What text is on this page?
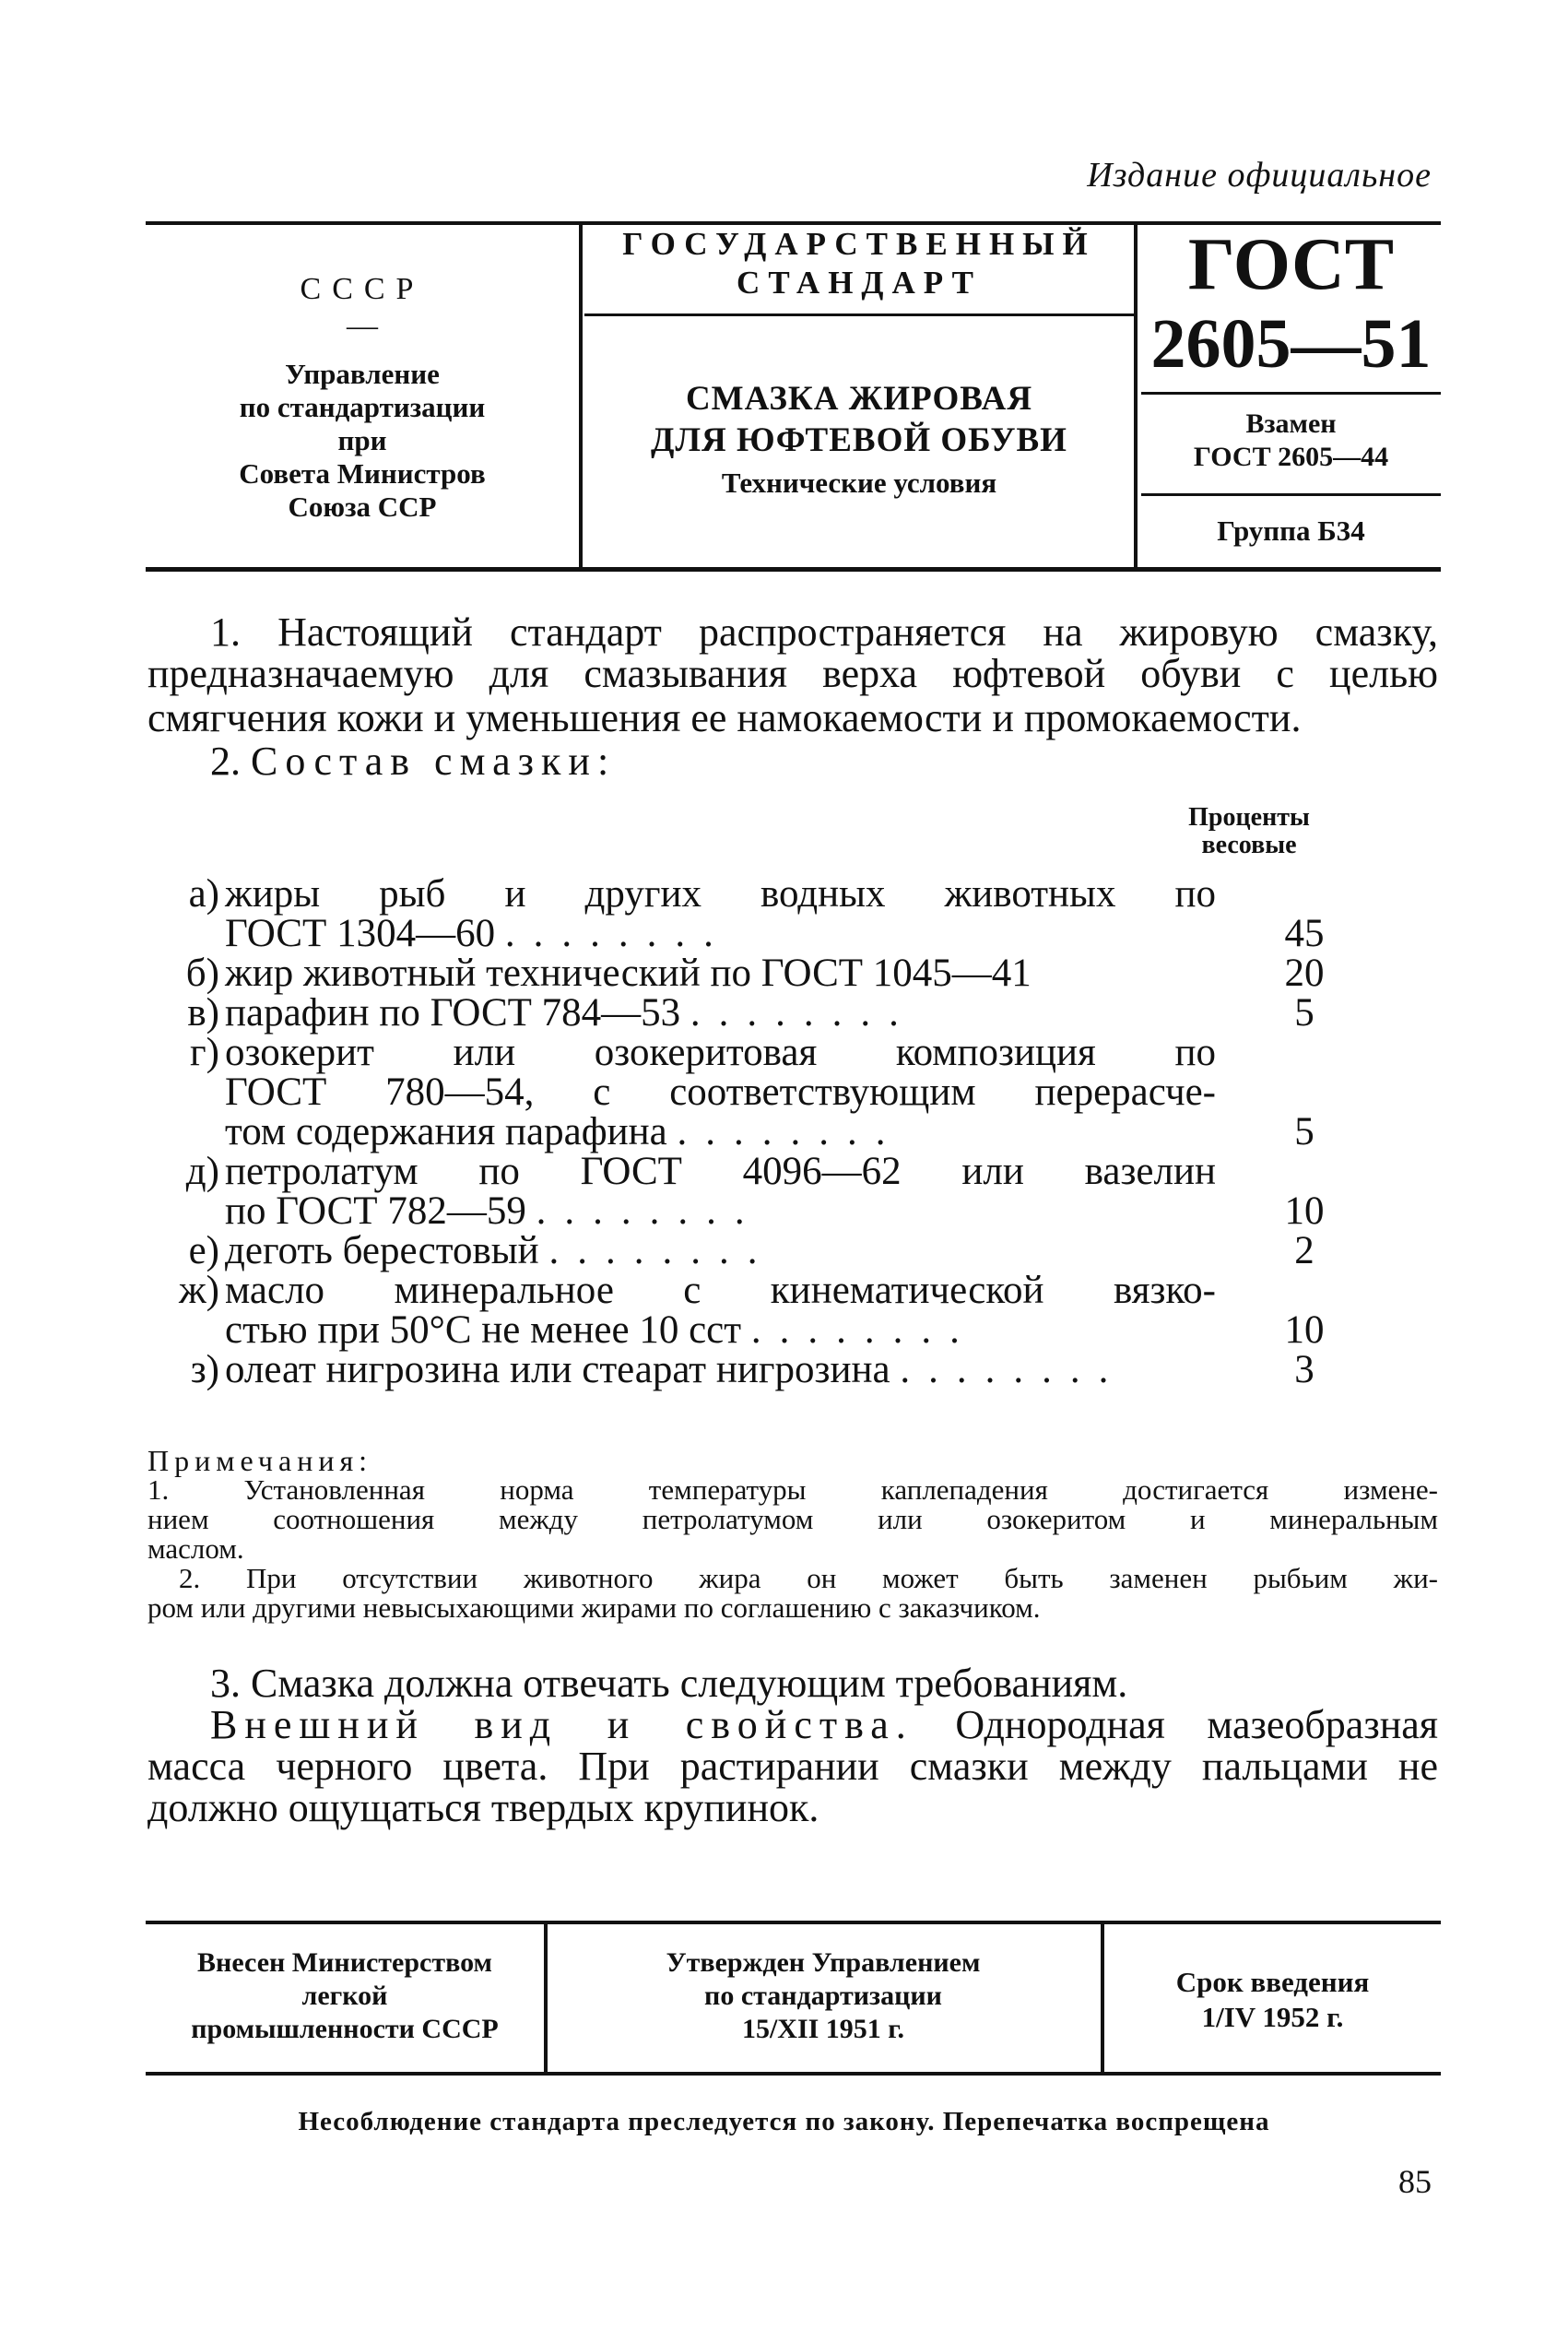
Издание официальное
СССР
—
Управление
по стандартизации
при
Совета Министров
Союза ССР
ГОСУДАРСТВЕННЫЙ
СТАНДАРТ
СМАЗКА ЖИРОВАЯ
ДЛЯ ЮФТЕВОЙ ОБУВИ
Технические условия
ГОСТ
2605—51
Взамен
ГОСТ 2605—44
Группа Б34
1. Настоящий стандарт распространяется на жировую смазку,
предназначаемую для смазывания верха юфтевой обуви с целью
смягчения кожи и уменьшения ее намокаемости и промокаемости.
2. Состав смазки:
Проценты
весовые
а) жиры рыб и других водных животных по
ГОСТ 1304—60 ........	45
б) жир животный технический по ГОСТ 1045—41	20
в) парафин по ГОСТ 784—53 ........	5
г) озокерит или озокеритовая композиция по
ГОСТ 780—54, с соответствующим перерасче-
том содержания парафина ........	5
д) петролатум по ГОСТ 4096—62 или вазелин
по ГОСТ 782—59 ........	10
е) деготь берестовый ........	2
ж) масло минеральное с кинематической вязко-
стью при 50°С не менее 10 сст ........	10
з) олеат нигрозина или стеарат нигрозина ........	3
Примечания:
1. Установленная норма температуры каплепадения достигается измене-
нием соотношения между петролатумом или озокеритом и минеральным
маслом.
2. При отсутствии животного жира он может быть заменен рыбьим жи-
ром или другими невысыхающими жирами по соглашению с заказчиком.
3. Смазка должна отвечать следующим требованиям.
Внешний вид и свойства. Однородная мазеобразная
масса черного цвета. При растирании смазки между пальцами не
должно ощущаться твердых крупинок.
Внесен Министерством
легкой
промышленности СССР
Утвержден Управлением
по стандартизации
15/XII 1951 г.
Срок введения
1/IV 1952 г.
Несоблюдение стандарта преследуется по закону. Перепечатка воспрещена
85
